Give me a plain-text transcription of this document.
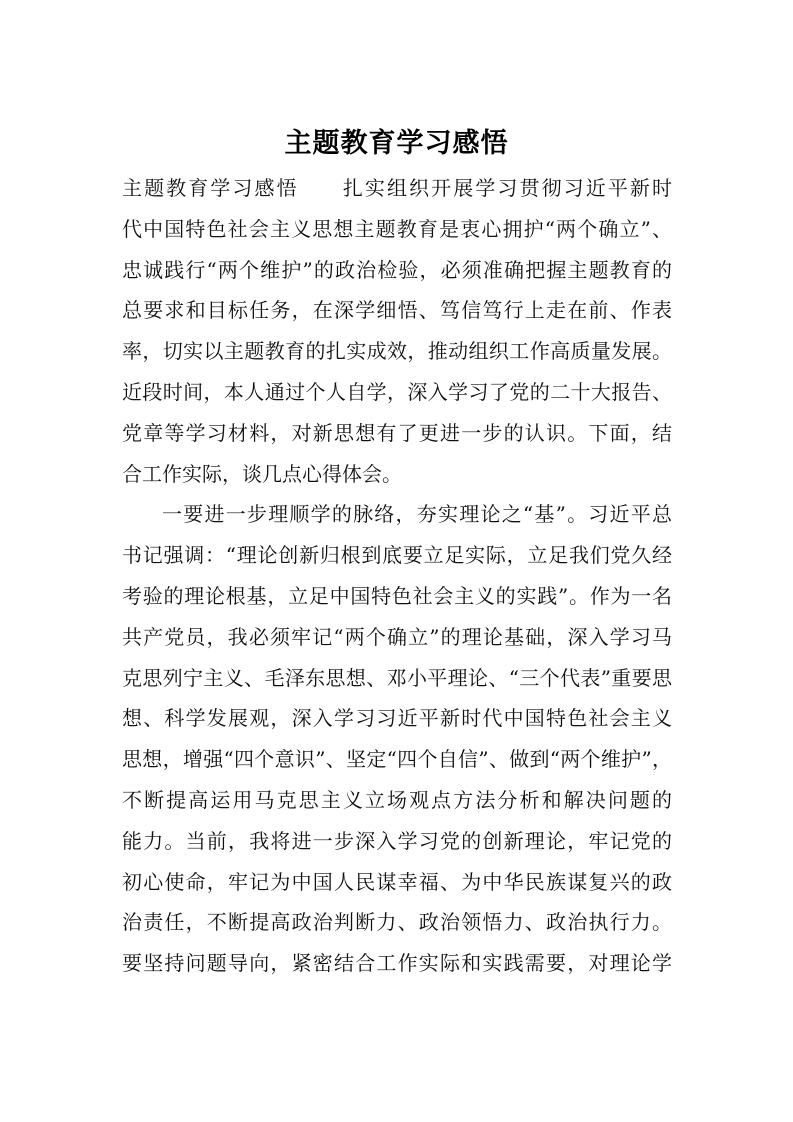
主题教育学习感悟
主题教育学习感悟　　扎实组织开展学习贯彻习近平新时
代中国特色社会主义思想主题教育是衷心拥护“两个确立”、
忠诚践行“两个维护”的政治检验，必须准确把握主题教育的
总要求和目标任务，在深学细悟、笃信笃行上走在前、作表
率，切实以主题教育的扎实成效，推动组织工作高质量发展。
近段时间，本人通过个人自学，深入学习了党的二十大报告、
党章等学习材料，对新思想有了更进一步的认识。下面，结
合工作实际，谈几点心得体会。
一要进一步理顺学的脉络，夯实理论之“基”。习近平总
书记强调：“理论创新归根到底要立足实际，立足我们党久经
考验的理论根基，立足中国特色社会主义的实践”。作为一名
共产党员，我必须牢记“两个确立”的理论基础，深入学习马
克思列宁主义、毛泽东思想、邓小平理论、“三个代表”重要思
想、科学发展观，深入学习习近平新时代中国特色社会主义
思想，增强“四个意识”、坚定“四个自信”、做到“两个维护”，
不断提高运用马克思主义立场观点方法分析和解决问题的
能力。当前，我将进一步深入学习党的创新理论，牢记党的
初心使命，牢记为中国人民谋幸福、为中华民族谋复兴的政
治责任，不断提高政治判断力、政治领悟力、政治执行力。
要坚持问题导向，紧密结合工作实际和实践需要，对理论学
